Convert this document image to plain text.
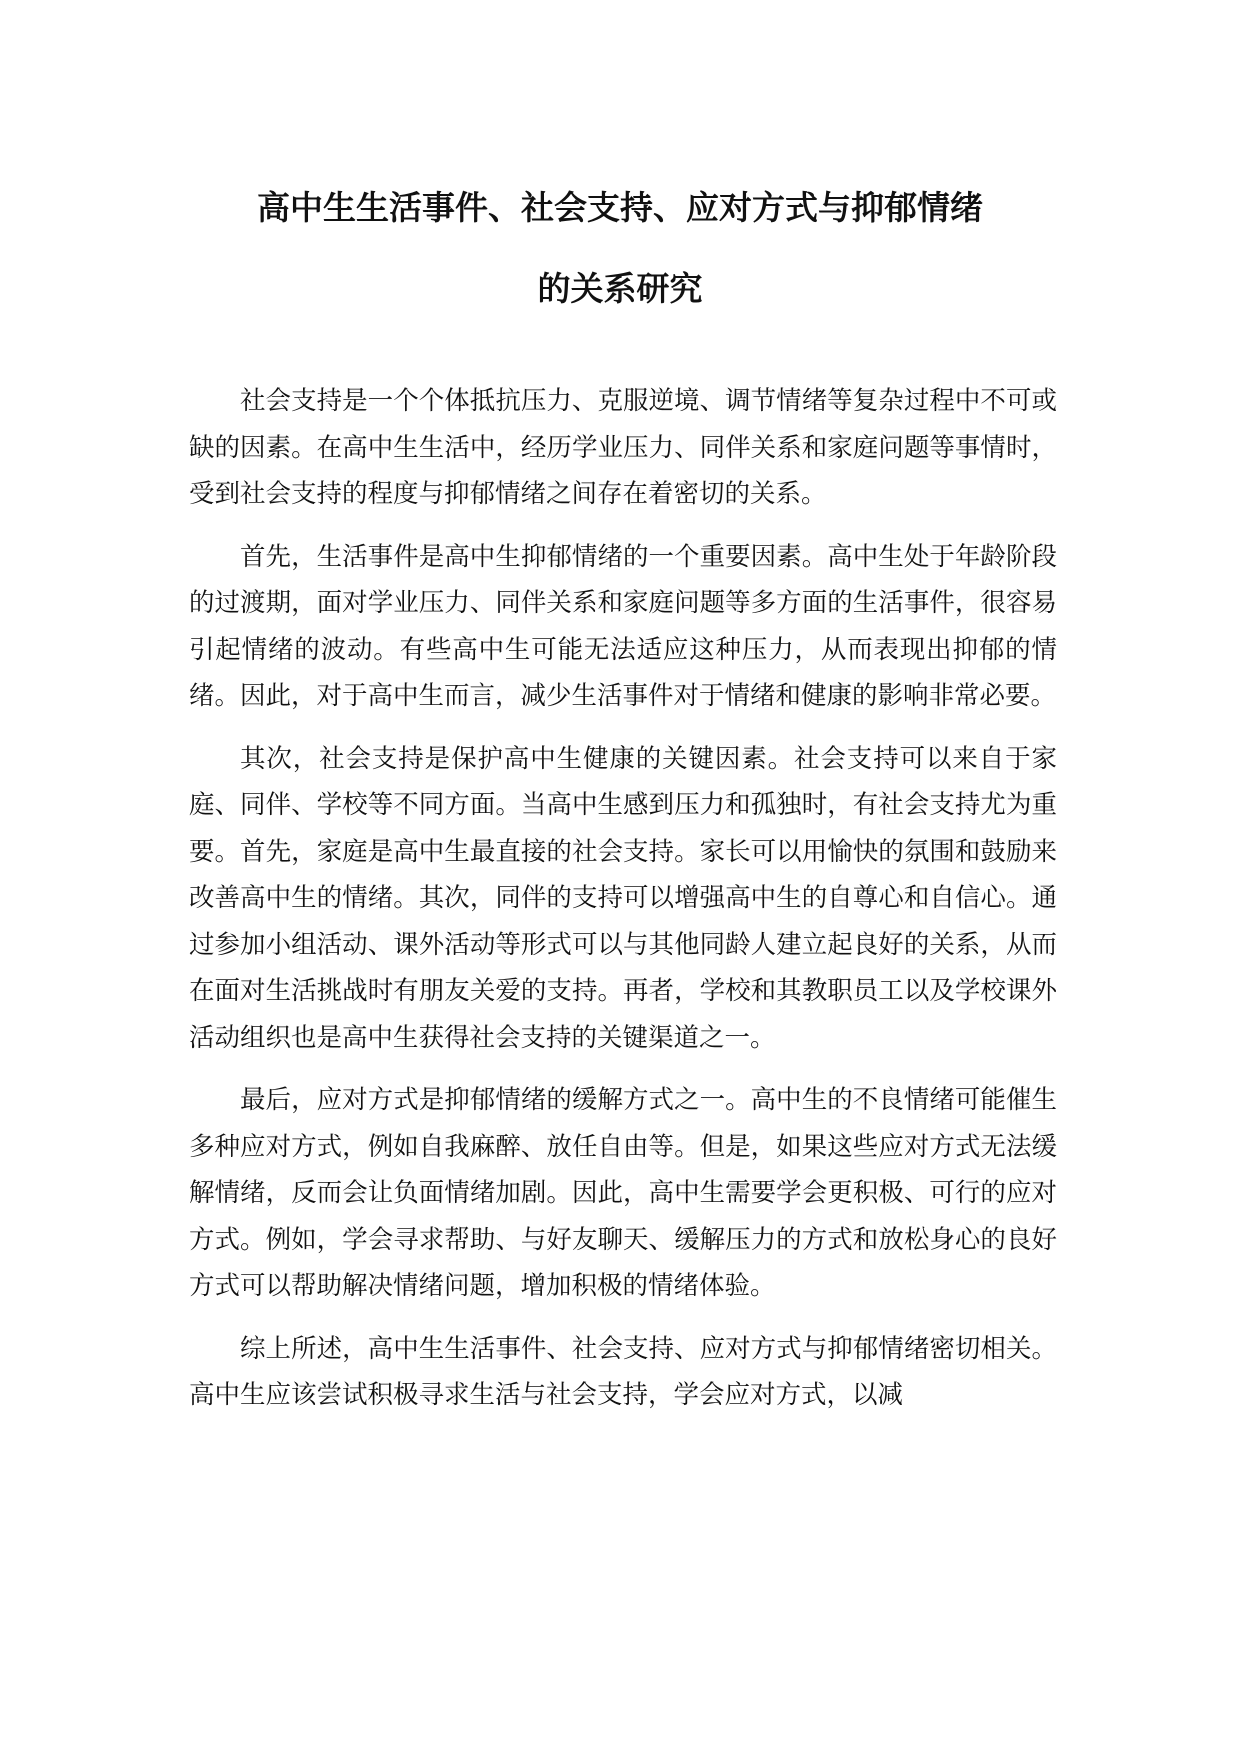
高中生生活事件、社会支持、应对方式与抑郁情绪
的关系研究

社会支持是一个个体抵抗压力、克服逆境、调节情绪等复杂过程中不可或缺的因素。在高中生生活中，经历学业压力、同伴关系和家庭问题等事情时，受到社会支持的程度与抑郁情绪之间存在着密切的关系。

首先，生活事件是高中生抑郁情绪的一个重要因素。高中生处于年龄阶段的过渡期，面对学业压力、同伴关系和家庭问题等多方面的生活事件，很容易引起情绪的波动。有些高中生可能无法适应这种压力，从而表现出抑郁的情绪。因此，对于高中生而言，减少生活事件对于情绪和健康的影响非常必要。

其次，社会支持是保护高中生健康的关键因素。社会支持可以来自于家庭、同伴、学校等不同方面。当高中生感到压力和孤独时，有社会支持尤为重要。首先，家庭是高中生最直接的社会支持。家长可以用愉快的氛围和鼓励来改善高中生的情绪。其次，同伴的支持可以增强高中生的自尊心和自信心。通过参加小组活动、课外活动等形式可以与其他同龄人建立起良好的关系，从而在面对生活挑战时有朋友关爱的支持。再者，学校和其教职员工以及学校课外活动组织也是高中生获得社会支持的关键渠道之一。

最后，应对方式是抑郁情绪的缓解方式之一。高中生的不良情绪可能催生多种应对方式，例如自我麻醉、放任自由等。但是，如果这些应对方式无法缓解情绪，反而会让负面情绪加剧。因此，高中生需要学会更积极、可行的应对方式。例如，学会寻求帮助、与好友聊天、缓解压力的方式和放松身心的良好方式可以帮助解决情绪问题，增加积极的情绪体验。

综上所述，高中生生活事件、社会支持、应对方式与抑郁情绪密切相关。高中生应该尝试积极寻求生活与社会支持，学会应对方式，以减
